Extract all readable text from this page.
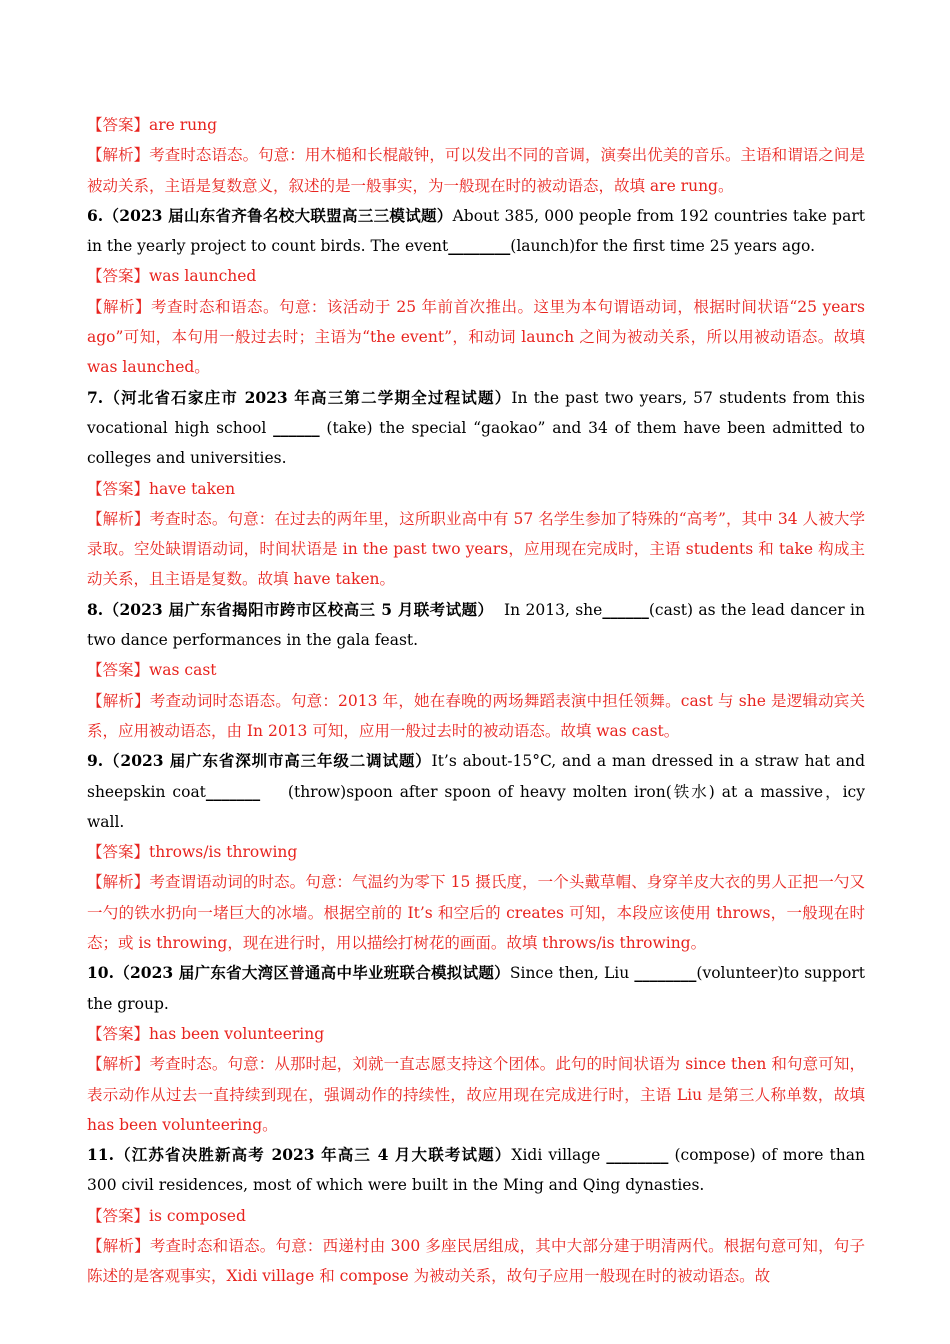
【答案】are rung

【解析】考查时态语态。句意：用木槌和长棍敲钟，可以发出不同的音调，演奏出优美的音乐。主语和谓语之间是被动关系，主语是复数意义，叙述的是一般事实，为一般现在时的被动语态，故填 are rung。

6.（2023 届山东省齐鲁名校大联盟高三三模试题）About 385, 000 people from 192 countries take part in the yearly project to count birds. The event________(launch)for the first time 25 years ago.

【答案】was launched

【解析】考查时态和语态。句意：该活动于 25 年前首次推出。这里为本句谓语动词，根据时间状语“25 years ago”可知，本句用一般过去时；主语为“the event”，和动词 launch 之间为被动关系，所以用被动语态。故填 was launched。

7.（河北省石家庄市 2023 年高三第二学期全过程试题）In the past two years, 57 students from this vocational high school ______ (take) the special “gaokao” and 34 of them have been admitted to colleges and universities.

【答案】have taken

【解析】考查时态。句意：在过去的两年里，这所职业高中有 57 名学生参加了特殊的“高考”，其中 34 人被大学录取。空处缺谓语动词，时间状语是 in the past two years，应用现在完成时，主语 students 和 take 构成主动关系，且主语是复数。故填 have taken。

8.（2023 届广东省揭阳市跨市区校高三 5 月联考试题）  In 2013, she______(cast) as the lead dancer in two dance performances in the gala feast.

【答案】was cast

【解析】考查动词时态语态。句意：2013 年，她在春晚的两场舞蹈表演中担任领舞。cast 与 she 是逻辑动宾关系，应用被动语态，由 In 2013 可知，应用一般过去时的被动语态。故填 was cast。

9.（2023 届广东省深圳市高三年级二调试题）It’s about-15°C, and a man dressed in a straw hat and sheepskin coat_______    (throw)spoon after spoon of heavy molten iron(铁水) at a massive，icy wall.

【答案】throws/is throwing

【解析】考查谓语动词的时态。句意：气温约为零下 15 摄氏度，一个头戴草帽、身穿羊皮大衣的男人正把一勺又一勺的铁水扔向一堵巨大的冰墙。根据空前的 It’s 和空后的 creates 可知，本段应该使用 throws，一般现在时态；或 is throwing，现在进行时，用以描绘打树花的画面。故填 throws/is throwing。

10.（2023 届广东省大湾区普通高中毕业班联合模拟试题）Since then, Liu ________(volunteer)to support the group.

【答案】has been volunteering

【解析】考查时态。句意：从那时起，刘就一直志愿支持这个团体。此句的时间状语为 since then 和句意可知，表示动作从过去一直持续到现在，强调动作的持续性，故应用现在完成进行时，主语 Liu 是第三人称单数，故填 has been volunteering。

11.（江苏省决胜新高考 2023 年高三 4 月大联考试题）Xidi village ________ (compose) of more than 300 civil residences, most of which were built in the Ming and Qing dynasties.

【答案】is composed

【解析】考查时态和语态。句意：西递村由 300 多座民居组成，其中大部分建于明清两代。根据句意可知，句子陈述的是客观事实，Xidi village 和 compose 为被动关系，故句子应用一般现在时的被动语态。故
